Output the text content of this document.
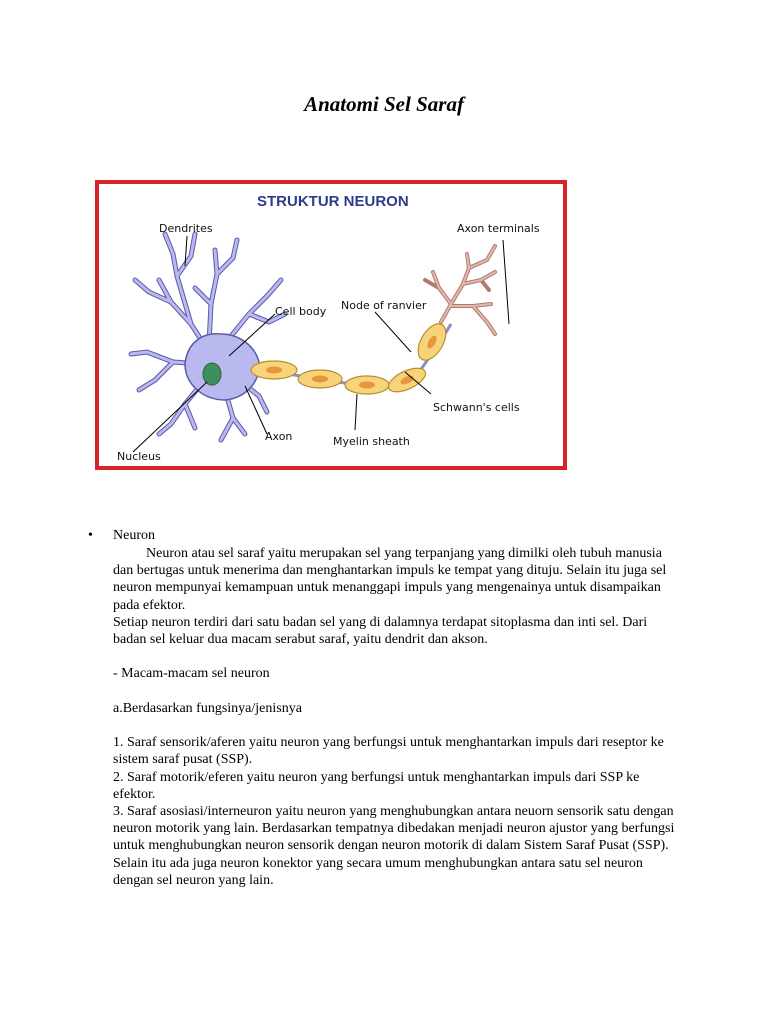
Anatomi Sel Saraf
STRUKTUR NEURON
Dendrites	Axon terminals
Cell body Node of ranvier
Schwann's cells
Axon	Myelin sheath
Nucleus
• Neuron

Neuron atau sel saraf yaitu merupakan sel yang terpanjang yang dimilki oleh tubuh manusia dan bertugas untuk menerima dan menghantarkan impuls ke tempat yang dituju. Selain itu juga sel neuron mempunyai kemampuan untuk menanggapi impuls yang mengenainya untuk disampaikan pada efektor.

Setiap neuron terdiri dari satu badan sel yang di dalamnya terdapat sitoplasma dan inti sel. Dari badan sel keluar dua macam serabut saraf, yaitu dendrit dan akson.

- Macam-macam sel neuron

a.Berdasarkan fungsinya/jenisnya

1. Saraf sensorik/aferen yaitu neuron yang berfungsi untuk menghantarkan impuls dari reseptor ke sistem saraf pusat (SSP).

2. Saraf motorik/eferen yaitu neuron yang berfungsi untuk menghantarkan impuls dari SSP ke efektor.

3. Saraf asosiasi/interneuron yaitu neuron yang menghubungkan antara neuorn sensorik satu dengan neuron motorik yang lain. Berdasarkan tempatnya dibedakan menjadi neuron ajustor yang berfungsi untuk menghubungkan neuron sensorik dengan neuron motorik di dalam Sistem Saraf Pusat (SSP). Selain itu ada juga neuron konektor yang secara umum menghubungkan antara satu sel neuron dengan sel neuron yang lain.
